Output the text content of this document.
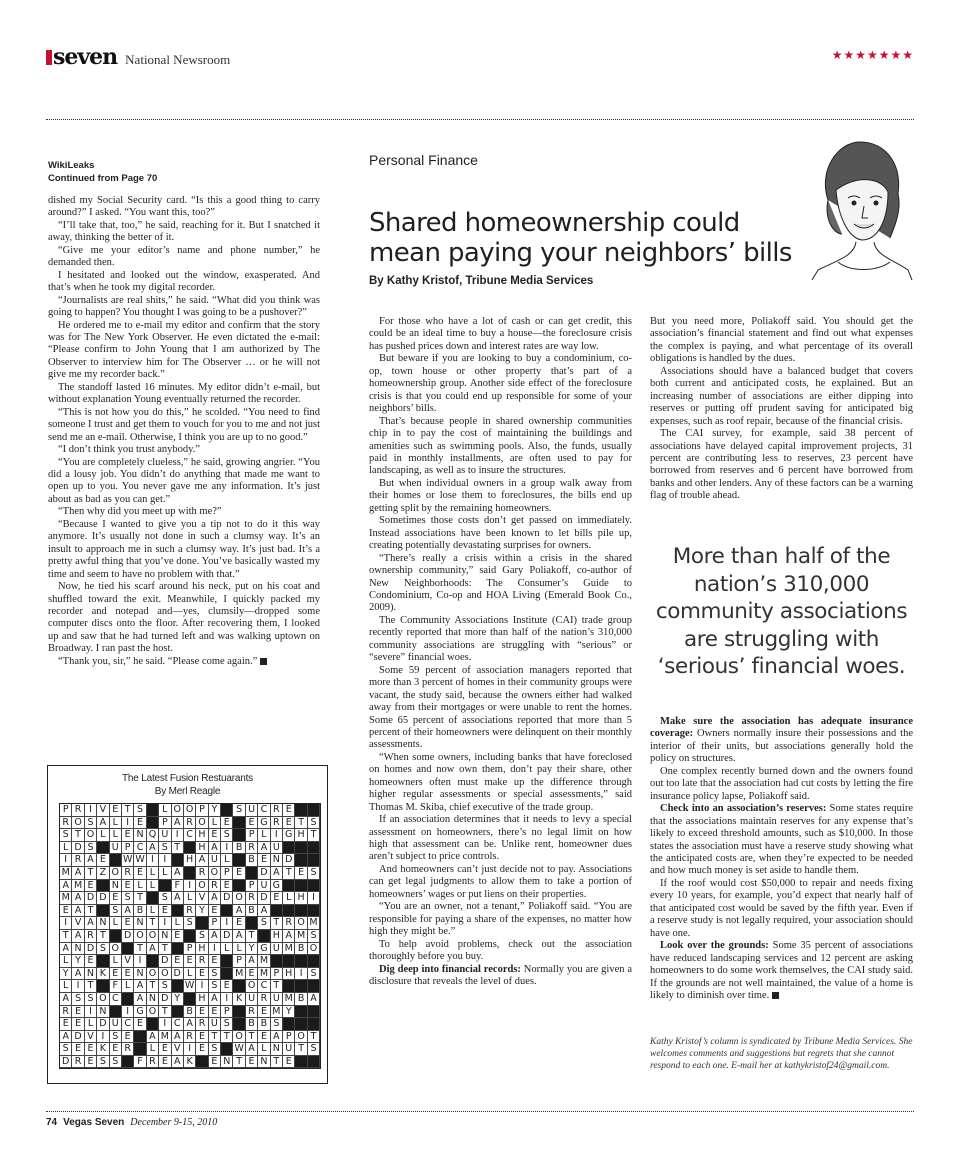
seven National Newsroom	★★★★★★★
WikiLeaks
Continued from Page 70

dished my Social Security card. “Is this a good thing to carry around?” I asked. “You want this, too?”

“I’ll take that, too,” he said, reaching for it. But I snatched it away, thinking the better of it.

“Give me your editor’s name and phone number,” he demanded then.

I hesitated and looked out the window, exasperated. And that’s when he took my digital recorder.

“Journalists are real shits,” he said. “What did you think was going to happen? You thought I was going to be a pushover?”

He ordered me to e-mail my editor and confirm that the story was for The New York Observer. He even dictated the e-mail: “Please confirm to John Young that I am authorized by The Observer to interview him for The Observer … or he will not give me my recorder back.”

The standoff lasted 16 minutes. My editor didn’t e-mail, but without explanation Young eventually returned the recorder.

“This is not how you do this,” he scolded. “You need to find someone I trust and get them to vouch for you to me and not just send me an e-mail. Otherwise, I think you are up to no good.”

“I don’t think you trust anybody.”

“You are completely clueless,” he said, growing angrier. “You did a lousy job. You didn’t do anything that made me want to open up to you. You never gave me any information. It’s just about as bad as you can get.”

“Then why did you meet up with me?”

“Because I wanted to give you a tip not to do it this way anymore. It’s usually not done in such a clumsy way. It’s an insult to approach me in such a clumsy way. It’s just bad. It’s a pretty awful thing that you’ve done. You’ve basically wasted my time and seem to have no problem with that.”

Now, he tied his scarf around his neck, put on his coat and shuffled toward the exit. Meanwhile, I quickly packed my recorder and notepad and—yes, clumsily—dropped some computer discs onto the floor. After recovering them, I looked up and saw that he had turned left and was walking uptown on Broadway. I ran past the host.

“Thank you, sir,” he said. “Please come again.”

The Latest Fusion Restuarants
By Merl Reagle
P R I V E T S	L O O P Y	S U C R E
R O S A L I E	P A R O L E	E G R E T S
S T O L L E N Q U I C H E S	P L I G H T
L D S	U P C A S T	H A I B R A U
I R A E	W W I	I	H A U L	B E N D
M A T Z O R E L L A	R O P E	D A T E S
A M E	N E L L	F I O R E	P U G
M A D D E S T	S A L V A D O R D E L H I
E A T	S A B L E	R Y E	A B A
I V A N L E N T I L S	P I E	S T R O M
T A R T	D O O N E	S A D A T	H A M S
A N D S O	T A T	P H I L L Y G U M B O
L Y E	L V I	D E E R E	P A M
Y A N K E E N O O D L E S	M E M P H I S
L I T	F L A T S	W I S E	O C T
A S S O C	A N D Y	H A I K U R U M B A
R E I N	I G O T	B E E P	R E M Y
E E L D U C E	I C A R U S	B B S
A D V I S E	A M A R E T T O T E A P O T
S E E K E R	L E V I E S	W A L N U T S
D R E S S	F R E A K	E N T E N T E
Personal Finance
Shared homeownership could mean paying your neighbors’ bills
By Kathy Kristof, Tribune Media Services

For those who have a lot of cash or can get credit, this could be an ideal time to buy a house—the foreclosure crisis has pushed prices down and interest rates are way low.

But beware if you are looking to buy a condominium, co-op, town house or other property that’s part of a homeownership group. Another side effect of the foreclosure crisis is that you could end up responsible for some of your neighbors’ bills.

That’s because people in shared ownership communities chip in to pay the cost of maintaining the buildings and amenities such as swimming pools. Also, the funds, usually paid in monthly installments, are often used to pay for landscaping, as well as to insure the structures.

But when individual owners in a group walk away from their homes or lose them to foreclosures, the bills end up getting split by the remaining homeowners.

Sometimes those costs don’t get passed on immediately. Instead associations have been known to let bills pile up, creating potentially devastating surprises for owners.

“There’s really a crisis within a crisis in the shared ownership community,” said Gary Poliakoff, co-author of New Neighborhoods: The Consumer’s Guide to Condominium, Co-op and HOA Living (Emerald Book Co., 2009).

The Community Associations Institute (CAI) trade group recently reported that more than half of the nation’s 310,000 community associations are struggling with “serious” or “severe” financial woes.

Some 59 percent of association managers reported that more than 3 percent of homes in their community groups were vacant, the study said, because the owners either had walked away from their mortgages or were unable to rent the homes. Some 65 percent of associations reported that more than 5 percent of their homeowners were delinquent on their monthly assessments.

“When some owners, including banks that have foreclosed on homes and now own them, don’t pay their share, other homeowners often must make up the difference through higher regular assessments or special assessments,” said Thomas M. Skiba, chief executive of the trade group.

If an association determines that it needs to levy a special assessment on homeowners, there’s no legal limit on how high that assessment can be. Unlike rent, homeowner dues aren’t subject to price controls.

And homeowners can’t just decide not to pay. Associations can get legal judgments to allow them to take a portion of homeowners’ wages or put liens on their properties.

“You are an owner, not a tenant,” Poliakoff said. “You are responsible for paying a share of the expenses, no matter how high they might be.”

To help avoid problems, check out the association thoroughly before you buy.

Dig deep into financial records: Normally you are given a disclosure that reveals the level of dues.

But you need more, Poliakoff said. You should get the association’s financial statement and find out what expenses the complex is paying, and what percentage of its overall obligations is handled by the dues.

Associations should have a balanced budget that covers both current and anticipated costs, he explained. But an increasing number of associations are either dipping into reserves or putting off prudent saving for anticipated big expenses, such as roof repair, because of the financial crisis.

The CAI survey, for example, said 38 percent of associations have delayed capital improvement projects, 31 percent are contributing less to reserves, 23 percent have borrowed from reserves and 6 percent have borrowed from banks and other lenders. Any of these factors can be a warning flag of trouble ahead.

More than half of the nation’s 310,000 community associations are struggling with ‘serious’ financial woes.

Make sure the association has adequate insurance coverage: Owners normally insure their possessions and the interior of their units, but associations generally hold the policy on structures.

One complex recently burned down and the owners found out too late that the association had cut costs by letting the fire insurance policy lapse, Poliakoff said.

Check into an association’s reserves: Some states require that the associations maintain reserves for any expense that’s likely to exceed threshold amounts, such as $10,000. In those states the association must have a reserve study showing what the anticipated costs are, when they’re expected to be needed and how much money is set aside to handle them.

If the roof would cost $50,000 to repair and needs fixing every 10 years, for example, you’d expect that nearly half of that anticipated cost would be saved by the fifth year. Even if a reserve study is not legally required, your association should have one.

Look over the grounds: Some 35 percent of associations have reduced landscaping services and 12 percent are asking homeowners to do some work themselves, the CAI study said. If the grounds are not well maintained, the value of a home is likely to diminish over time.

Kathy Kristof’s column is syndicated by Tribune Media Services. She welcomes comments and suggestions but regrets that she cannot respond to each one. E-mail her at kathykristof24@gmail.com.
74 Vegas Seven December 9-15, 2010
